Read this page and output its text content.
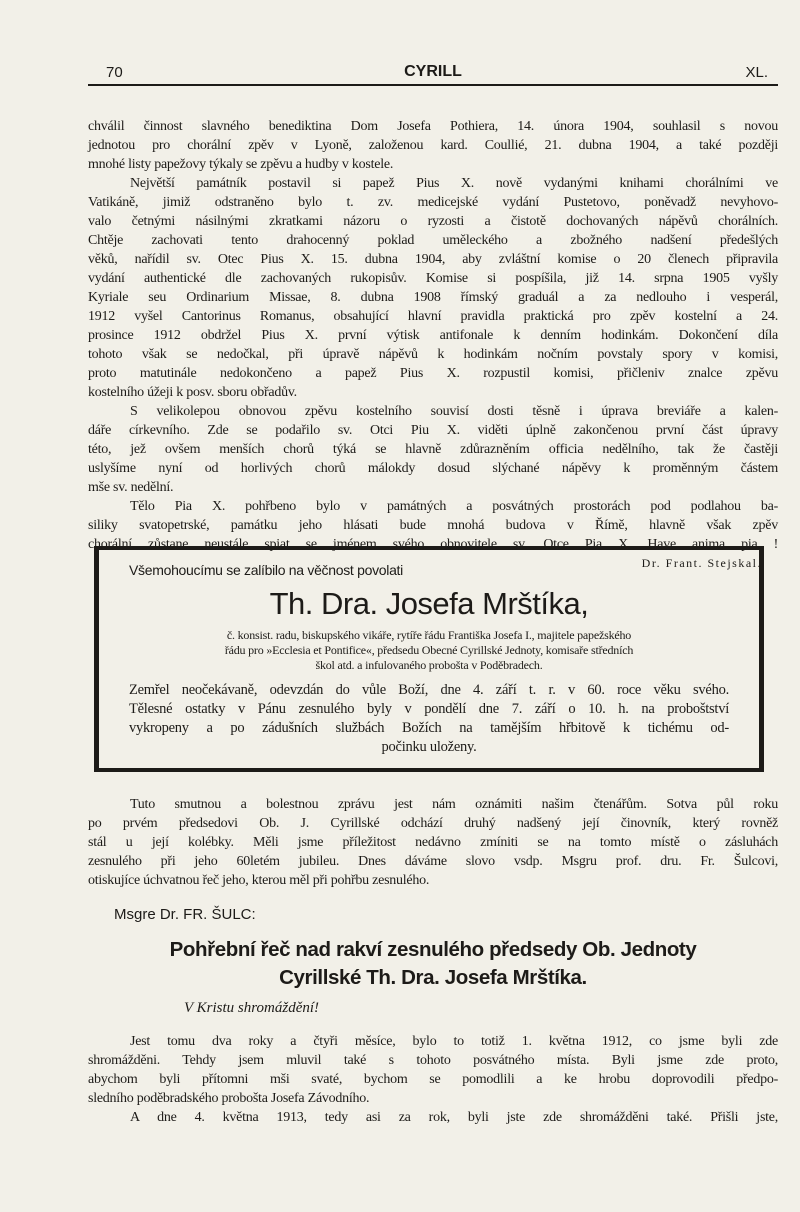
70	CYRILL	XL.
chválil činnost slavného benediktina Dom Josefa Pothiera, 14. února 1904, souhlasil s novou
jednotou pro chorální zpěv v Lyoně, založenou kard. Coullié, 21. dubna 1904, a také později
mnohé listy papežovy týkaly se zpěvu a hudby v kostele.
Největší památník postavil si papež Pius X. nově vydanými knihami chorálními ve
Vatikáně, jimiž odstraněno bylo t. zv. medicejské vydání Pustetovo, poněvadž nevyhovo-
valo četnými násilnými zkratkami názoru o ryzosti a čistotě dochovaných nápěvů chorálních.
Chtěje zachovati tento drahocenný poklad uměleckého a zbožného nadšení předešlých
věků, nařídil sv. Otec Pius X. 15. dubna 1904, aby zvláštní komise o 20 členech připravila
vydání authentické dle zachovaných rukopisův. Komise si pospíšila, již 14. srpna 1905 vyšly
Kyriale seu Ordinarium Missae, 8. dubna 1908 římský graduál a za nedlouho i vesperál,
1912 vyšel Cantorinus Romanus, obsahující hlavní pravidla praktická pro zpěv kostelní a 24.
prosince 1912 obdržel Pius X. první výtisk antifonale k denním hodinkám. Dokončení díla
tohoto však se nedočkal, při úpravě nápěvů k hodinkám nočním povstaly spory v komisi,
proto matutinále nedokončeno a papež Pius X. rozpustil komisi, přičleniv znalce zpěvu
kostelního úžeji k posv. sboru obřadův.
S velikolepou obnovou zpěvu kostelního souvisí dosti těsně i úprava breviáře a kalen-
dáře církevního. Zde se podařilo sv. Otci Piu X. viděti úplně zakončenou první část úpravy
této, jež ovšem menších chorů týká se hlavně zdůrazněním officia nedělního, tak že častěji
uslyšíme nyní od horlivých chorů málokdy dosud slýchané nápěvy k proměnným částem
mše sv. nedělní.
Tělo Pia X. pohřbeno bylo v památných a posvátných prostorách pod podlahou ba-
siliky svatopetrské, památku jeho hlásati bude mnohá budova v Římě, hlavně však zpěv
chorální zůstane neustále spiat se jménem svého obnovitele sv. Otce Pia X. Have anima pia !
Dr. Frant. Stejskal.
Všemohoucímu se zalíbilo na věčnost povolati
Th. Dra. Josefa Mrštíka,
č. konsist. radu, biskupského vikáře, rytíře řádu Františka Josefa I., majitele papežského
řádu pro »Ecclesia et Pontifice«, předsedu Obecné Cyrillské Jednoty, komisaře středních
škol atd. a infulovaného probošta v Poděbradech.
Zemřel neočekávaně, odevzdán do vůle Boží, dne 4. září t. r. v 60. roce věku svého.
Tělesné ostatky v Pánu zesnulého byly v pondělí dne 7. září o 10. h. na proboštství
vykropeny a po zádušních službách Božích na tamějším hřbitově k tichému od-
počinku uloženy.
Tuto smutnou a bolestnou zprávu jest nám oznámiti našim čtenářům. Sotva půl roku
po prvém předsedovi Ob. J. Cyrillské odchází druhý nadšený její činovník, který rovněž
stál u její kolébky. Měli jsme příležitost nedávno zmíniti se na tomto místě o zásluhách
zesnulého při jeho 60letém jubileu. Dnes dáváme slovo vsdp. Msgru prof. dru. Fr. Šulcovi,
otiskujíce úchvatnou řeč jeho, kterou měl při pohřbu zesnulého.
Msgre Dr. FR. ŠULC:
Pohřební řeč nad rakví zesnulého předsedy Ob. Jednoty
Cyrillské Th. Dra. Josefa Mrštíka.
V Kristu shromáždění!
Jest tomu dva roky a čtyři měsíce, bylo to totiž 1. května 1912, co jsme byli zde
shromážděni. Tehdy jsem mluvil také s tohoto posvátného místa. Byli jsme zde proto,
abychom byli přítomni mši svaté, bychom se pomodlili a ke hrobu doprovodili předpo-
sledního poděbradského probošta Josefa Závodního.
A dne 4. května 1913, tedy asi za rok, byli jste zde shromážděni také. Přišli jste,
